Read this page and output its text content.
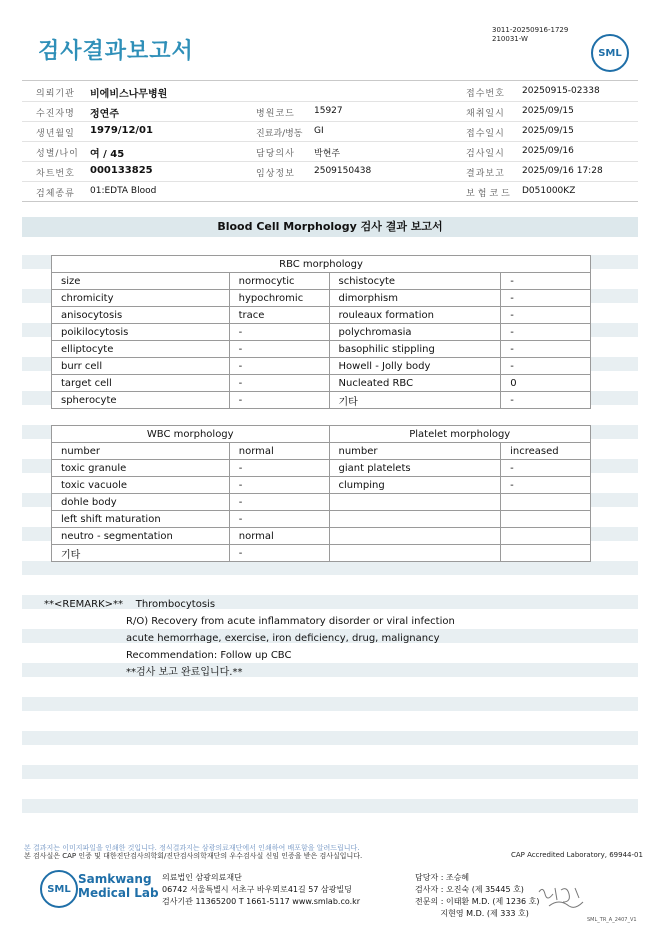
검사결과보고서
3011-20250916-1729
210031-W
SML
의뢰기관 비에비스나무병원	접수번호 20250915-02338
수진자명 정연주	병원코드 15927	채취일시 2025/09/15
생년월일 1979/12/01	진료과/병동 GI	접수일시 2025/09/15
성별/나이 여 / 45	담당의사 박현주	검사일시 2025/09/16
차트번호 000133825	임상정보 2509150438	결과보고 2025/09/16 17:28
검체종류 01:EDTA Blood	보험코드 D051000KZ
Blood Cell Morphology 검사 결과 보고서
RBC morphology			
size	normocytic	schistocyte	-
chromicity	hypochromic	dimorphism	-
anisocytosis	trace	rouleaux formation	-
poikilocytosis	-	polychromasia	-
elliptocyte	-	basophilic stippling	-
burr cell	-	Howell - Jolly body	-
target cell	-	Nucleated RBC	0
spherocyte	-	기타	-
WBC morphology		Platelet morphology	
number	normal	number	increased
toxic granule	-	giant platelets	-
toxic vacuole	-	clumping	-
dohle body	-		
left shift maturation	-		
neutro - segmentation	normal		
기타	-		
**<REMARK>** Thrombocytosis
R/O) Recovery from acute inflammatory disorder or viral infection
acute hemorrhage, exercise, iron deficiency, drug, malignancy
Recommendation: Follow up CBC
**검사 보고 완료입니다.**
본 결과지는 이미지파일을 인쇄한 것입니다. 정식결과지는 삼광의료재단에서 인쇄하여 배포함을 알려드립니다.
본 검사실은 CAP 인증 및 대한진단검사의학회/진단검사의학재단의 우수검사실 신임 인증을 받은 검사실입니다.	CAP Accredited Laboratory, 69944-01
SML
Samkwang
Medical Lab
의료법인 삼광의료재단
06742 서울특별시 서초구 바우뫼로41길 57 삼광빌딩
검사기관 11365200 T 1661-5117 www.smlab.co.kr
담당자 : 조승혜
검사자 : 오진숙 (제 35445 호)
전문의 : 이태환 M.D. (제 1236 호)
지현영 M.D. (제 333 호)
SML_TR_A_2407_V1
